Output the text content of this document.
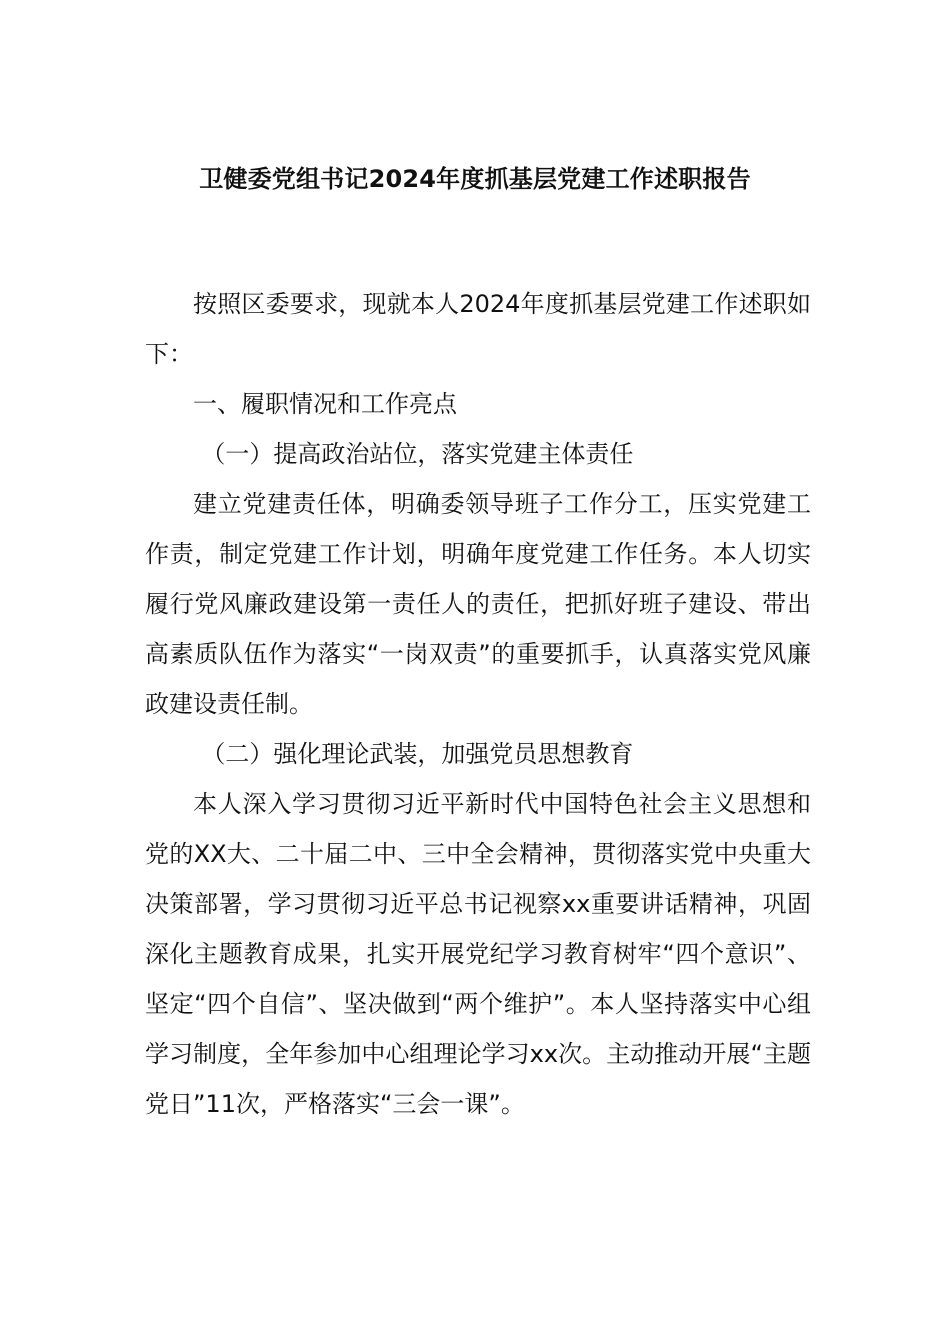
卫健委党组书记2024年度抓基层党建工作述职报告

按照区委要求，现就本人2024年度抓基层党建工作述职如下：

一、履职情况和工作亮点

（一）提高政治站位，落实党建主体责任

建立党建责任体，明确委领导班子工作分工，压实党建工作责，制定党建工作计划，明确年度党建工作任务。本人切实履行党风廉政建设第一责任人的责任，把抓好班子建设、带出高素质队伍作为落实“一岗双责”的重要抓手，认真落实党风廉政建设责任制。

（二）强化理论武装，加强党员思想教育

本人深入学习贯彻习近平新时代中国特色社会主义思想和党的XX大、二十届二中、三中全会精神，贯彻落实党中央重大决策部署，学习贯彻习近平总书记视察xx重要讲话精神，巩固深化主题教育成果，扎实开展党纪学习教育树牢“四个意识”、坚定“四个自信”、坚决做到“两个维护”。本人坚持落实中心组学习制度，全年参加中心组理论学习xx次。主动推动开展“主题党日”11次，严格落实“三会一课”。
